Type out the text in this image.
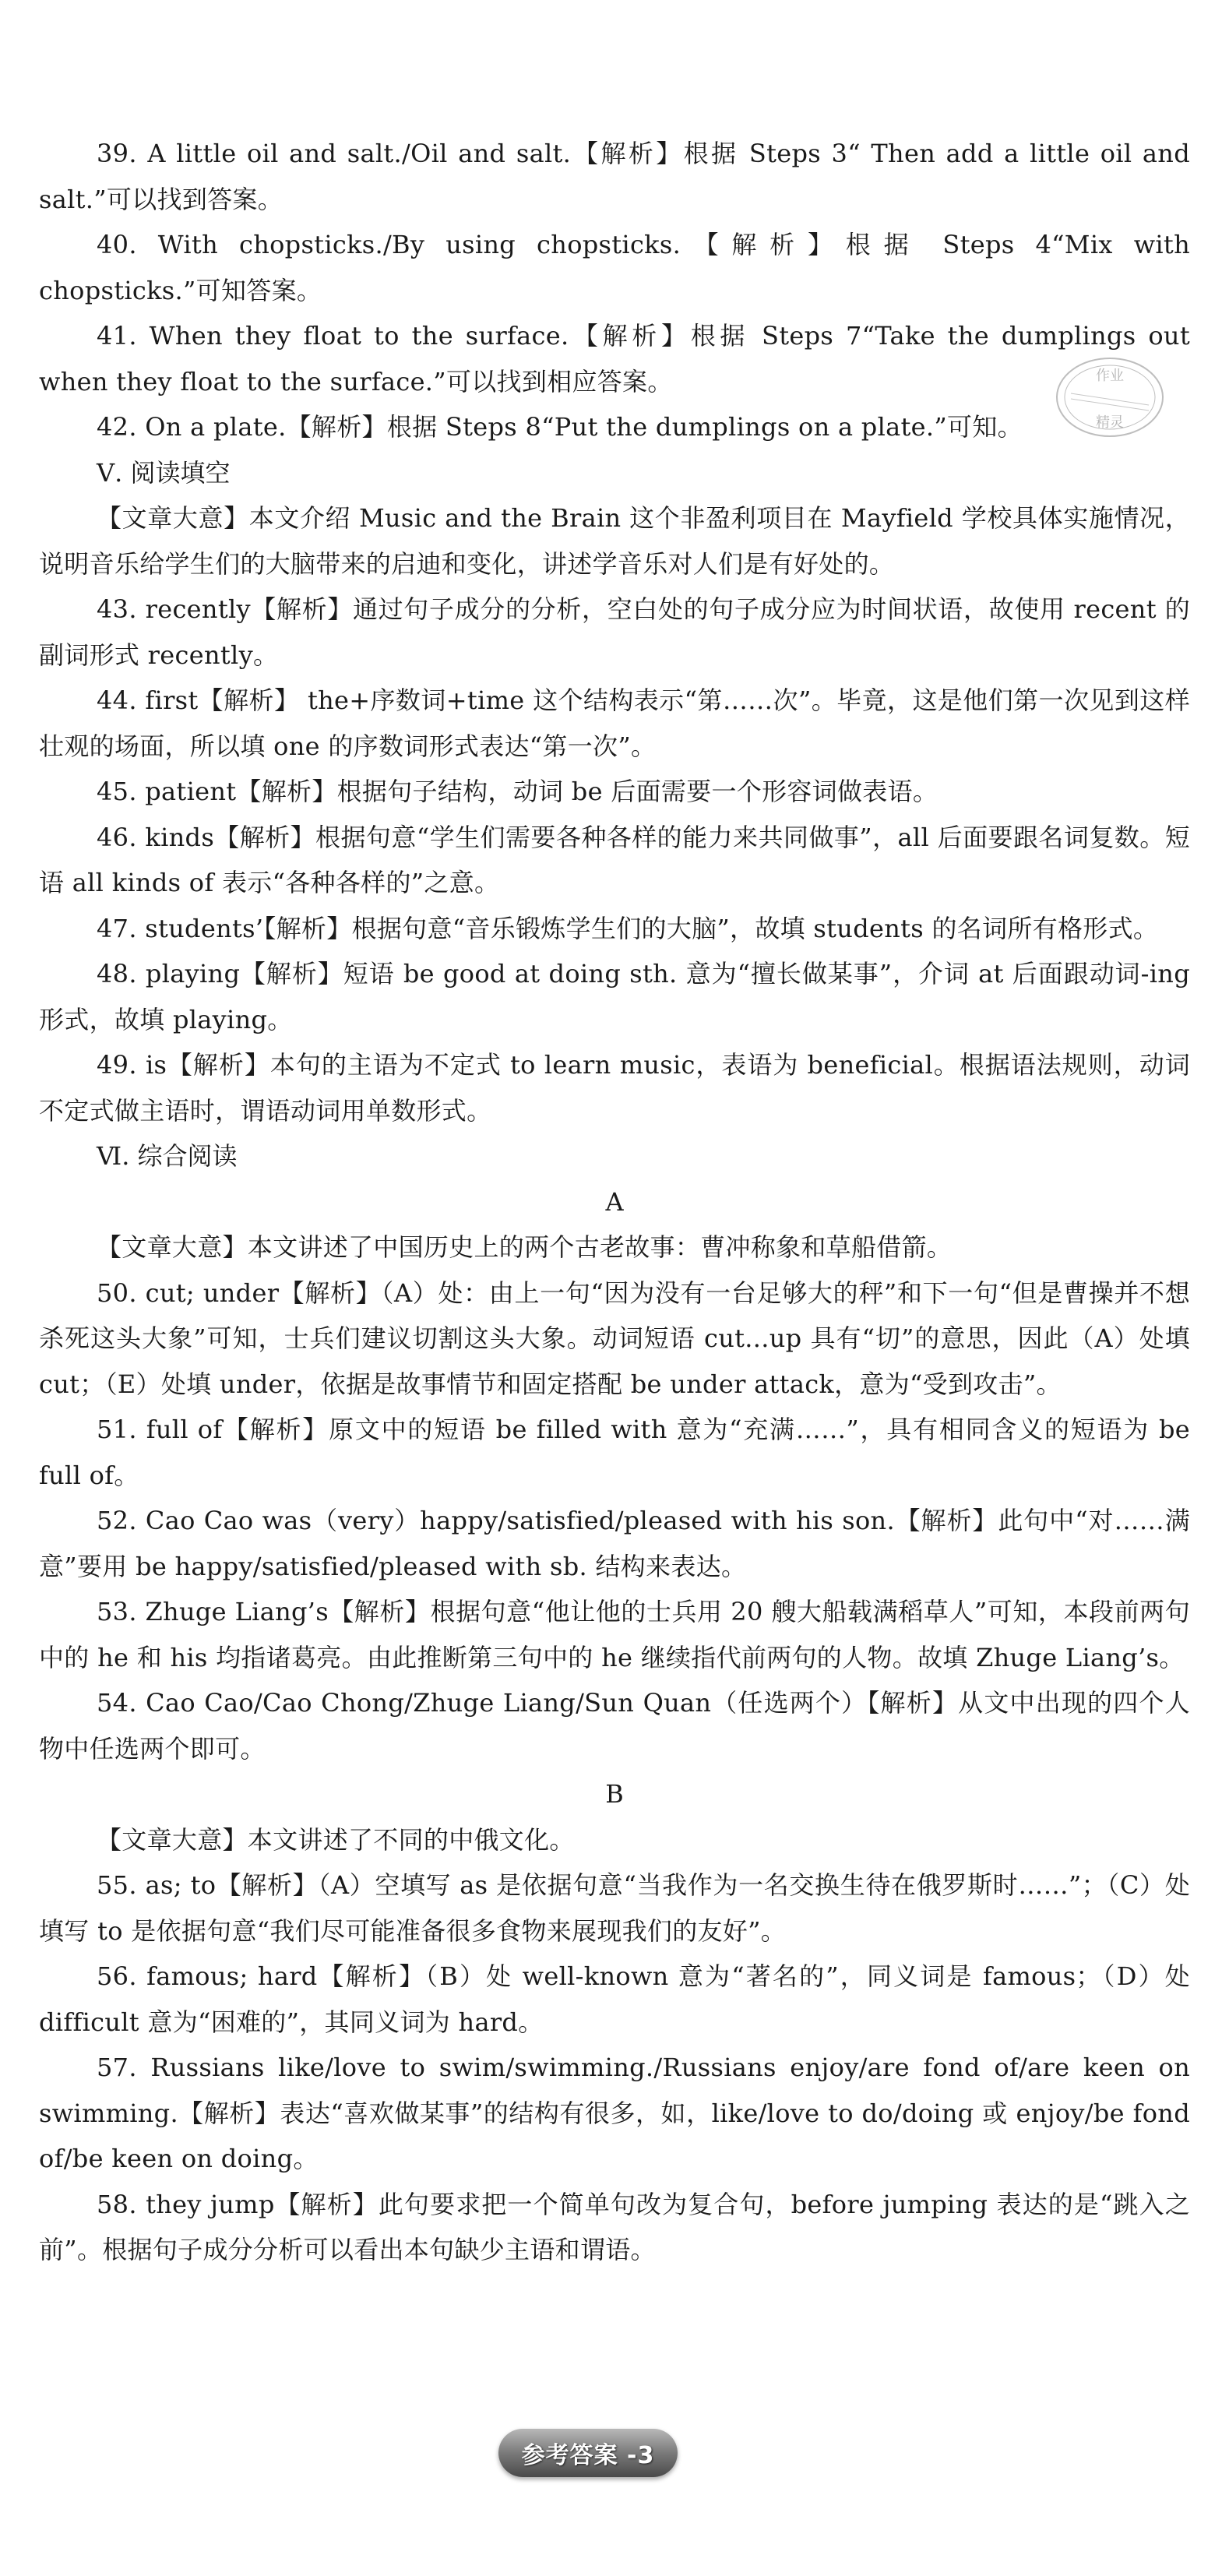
39. A little oil and salt./Oil and salt.【解析】根据 Steps 3“ Then add a little oil and salt.”可以找到答案。

40. With chopsticks./By using chopsticks.【解析】根据 Steps 4“Mix with chopsticks.”可知答案。

41. When they float to the surface.【解析】根据 Steps 7“Take the dumplings out when they float to the surface.”可以找到相应答案。

42. On a plate.【解析】根据 Steps 8“Put the dumplings on a plate.”可知。

Ⅴ. 阅读填空

【文章大意】本文介绍 Music and the Brain 这个非盈利项目在 Mayfield 学校具体实施情况，说明音乐给学生们的大脑带来的启迪和变化，讲述学音乐对人们是有好处的。

43. recently【解析】通过句子成分的分析，空白处的句子成分应为时间状语，故使用 recent 的副词形式 recently。

44. first【解析】 the+序数词+time 这个结构表示“第……次”。毕竟，这是他们第一次见到这样壮观的场面，所以填 one 的序数词形式表达“第一次”。

45. patient【解析】根据句子结构，动词 be 后面需要一个形容词做表语。

46. kinds【解析】根据句意“学生们需要各种各样的能力来共同做事”，all 后面要跟名词复数。短语 all kinds of 表示“各种各样的”之意。

47. students’【解析】根据句意“音乐锻炼学生们的大脑”，故填 students 的名词所有格形式。

48. playing【解析】短语 be good at doing sth. 意为“擅长做某事”，介词 at 后面跟动词-ing 形式，故填 playing。

49. is【解析】本句的主语为不定式 to learn music，表语为 beneficial。根据语法规则，动词不定式做主语时，谓语动词用单数形式。

Ⅵ. 综合阅读

A

【文章大意】本文讲述了中国历史上的两个古老故事：曹冲称象和草船借箭。

50. cut; under【解析】（A）处：由上一句“因为没有一台足够大的秤”和下一句“但是曹操并不想杀死这头大象”可知，士兵们建议切割这头大象。动词短语 cut...up 具有“切”的意思，因此（A）处填 cut；（E）处填 under，依据是故事情节和固定搭配 be under attack，意为“受到攻击”。

51. full of【解析】原文中的短语 be filled with 意为“充满……”，具有相同含义的短语为 be full of。

52. Cao Cao was（very）happy/satisfied/pleased with his son.【解析】此句中“对……满意”要用 be happy/satisfied/pleased with sb. 结构来表达。

53. Zhuge Liang’s【解析】根据句意“他让他的士兵用 20 艘大船载满稻草人”可知，本段前两句中的 he 和 his 均指诸葛亮。由此推断第三句中的 he 继续指代前两句的人物。故填 Zhuge Liang’s。

54. Cao Cao/Cao Chong/Zhuge Liang/Sun Quan（任选两个）【解析】从文中出现的四个人物中任选两个即可。

B

【文章大意】本文讲述了不同的中俄文化。

55. as; to【解析】（A）空填写 as 是依据句意“当我作为一名交换生待在俄罗斯时……”；（C）处填写 to 是依据句意“我们尽可能准备很多食物来展现我们的友好”。

56. famous; hard【解析】（B）处 well-known 意为“著名的”，同义词是 famous；（D）处 difficult 意为“困难的”，其同义词为 hard。

57. Russians like/love to swim/swimming./Russians enjoy/are fond of/are keen on swimming.【解析】表达“喜欢做某事”的结构有很多，如，like/love to do/doing 或 enjoy/be fond of/be keen on doing。

58. they jump【解析】此句要求把一个简单句改为复合句，before jumping 表达的是“跳入之前”。根据句子成分分析可以看出本句缺少主语和谓语。

作业
精灵
参考答案 -3
